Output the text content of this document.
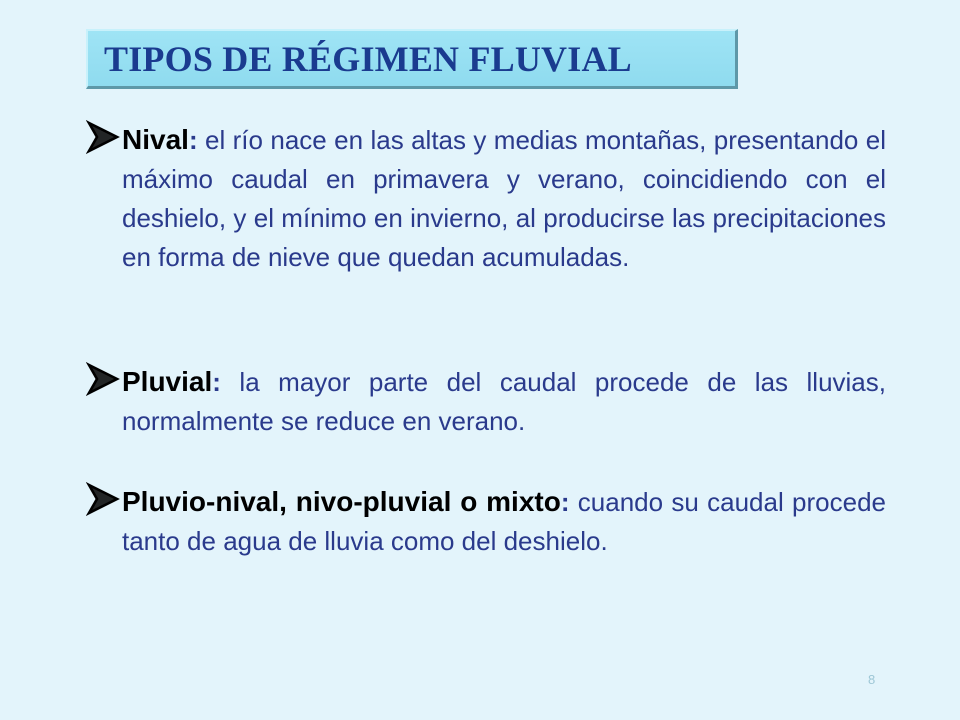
TIPOS DE RÉGIMEN FLUVIAL
Nival: el río nace en las altas y medias montañas, presentando el máximo caudal en primavera y verano, coincidiendo con el deshielo, y el mínimo en invierno, al producirse las precipitaciones en forma de nieve que quedan acumuladas.
Pluvial: la mayor parte del caudal procede de las lluvias, normalmente se reduce en verano.
Pluvio-nival, nivo-pluvial o mixto: cuando su caudal procede tanto de agua de lluvia como del deshielo.
8
